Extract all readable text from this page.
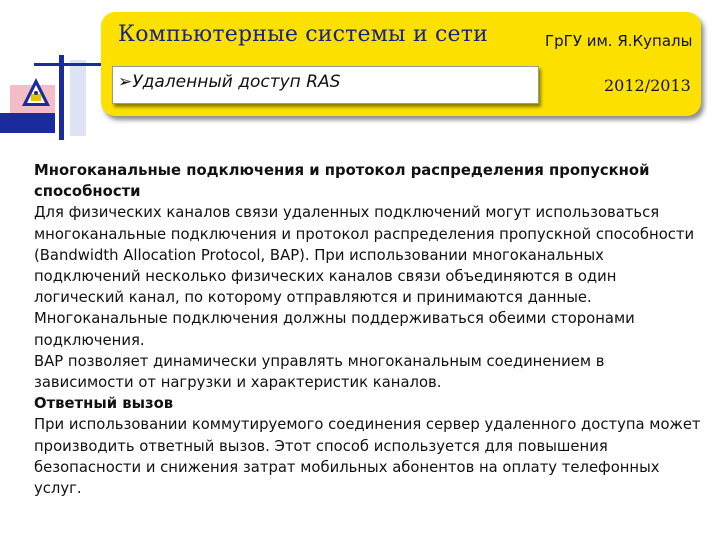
Компьютерные системы и сети	ГрГУ им. Я.Купалы
➢Удаленный доступ RAS	2012/2013

Многоканальные подключения и протокол распределения пропускной способности

Для физических каналов связи удаленных подключений могут использоваться многоканальные подключения и протокол распределения пропускной способности (Bandwidth Allocation Protocol, BAP). При использовании многоканальных подключений несколько физических каналов связи объединяются в один логический канал, по которому отправляются и принимаются данные. Многоканальные подключения должны поддерживаться обеими сторонами подключения.

BAP позволяет динамически управлять многоканальным соединением в зависимости от нагрузки и характеристик каналов.

Ответный вызов

При использовании коммутируемого соединения сервер удаленного доступа может производить ответный вызов. Этот способ используется для повышения безопасности и снижения затрат мобильных абонентов на оплату телефонных услуг.
